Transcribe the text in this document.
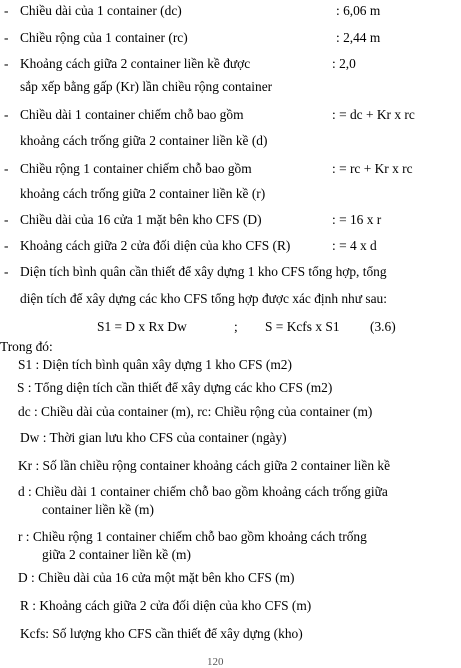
- Chiều dài của 1 container (dc)	: 6,06 m
- Chiều rộng của 1 container (rc)	: 2,44 m
- Khoảng cách giữa 2 container liền kề được	: 2,0
sắp xếp bằng gấp (Kr) lần chiều rộng container
- Chiều dài 1 container chiếm chỗ bao gồm	: = dc + Kr x rc
khoảng cách trống giữa 2 container liền kề (d)
- Chiều rộng 1 container chiếm chỗ bao gồm	: = rc + Kr x rc
khoảng cách trống giữa 2 container liền kề (r)
- Chiều dài của 16 cửa 1 mặt bên kho CFS (D)	: = 16 x r
- Khoảng cách giữa 2 cửa đối diện của kho CFS (R)	: = 4 x d
- Diện tích bình quân cần thiết để xây dựng 1 kho CFS tổng hợp, tổng
diện tích để xây dựng các kho CFS tổng hợp được xác định như sau:
S1 = D x Rx Dw	; S = Kcfs x S1 (3.6)
Trong đó:
S1 : Diện tích bình quân xây dựng 1 kho CFS (m2)
S : Tổng diện tích cần thiết để xây dựng các kho CFS (m2)
dc : Chiều dài của container (m), rc: Chiều rộng của container (m)
Dw : Thời gian lưu kho CFS của container (ngày)
Kr : Số lần chiều rộng container khoảng cách giữa 2 container liền kề
d : Chiều dài 1 container chiếm chỗ bao gồm khoảng cách trống giữa
container liền kề (m)
r : Chiều rộng 1 container chiếm chỗ bao gồm khoảng cách trống
giữa 2 container liền kề (m)
D : Chiều dài của 16 cửa một mặt bên kho CFS (m)
R : Khoảng cách giữa 2 cửa đối diện của kho CFS (m)
Kcfs: Số lượng kho CFS cần thiết để xây dựng (kho)
120
